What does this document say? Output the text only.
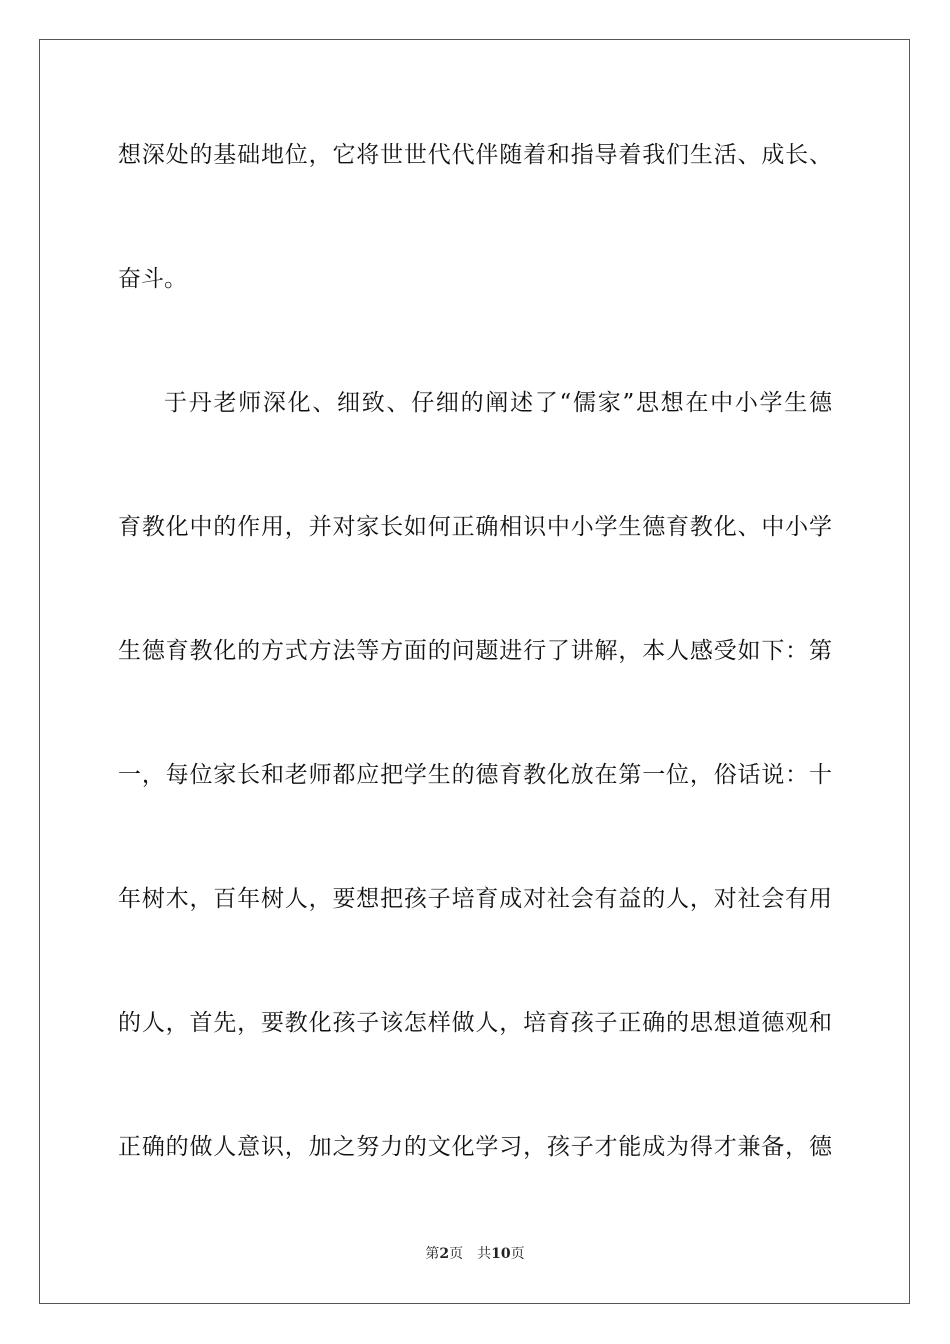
想深处的基础地位，它将世世代代伴随着和指导着我们生活、成长、
奋斗。
于丹老师深化、细致、仔细的阐述了“儒家”思想在中小学生德
育教化中的作用，并对家长如何正确相识中小学生德育教化、中小学
生德育教化的方式方法等方面的问题进行了讲解，本人感受如下：第
一，每位家长和老师都应把学生的德育教化放在第一位，俗话说：十
年树木，百年树人，要想把孩子培育成对社会有益的人，对社会有用
的人，首先，要教化孩子该怎样做人，培育孩子正确的思想道德观和
正确的做人意识，加之努力的文化学习，孩子才能成为得才兼备，德
第2页 共10页
